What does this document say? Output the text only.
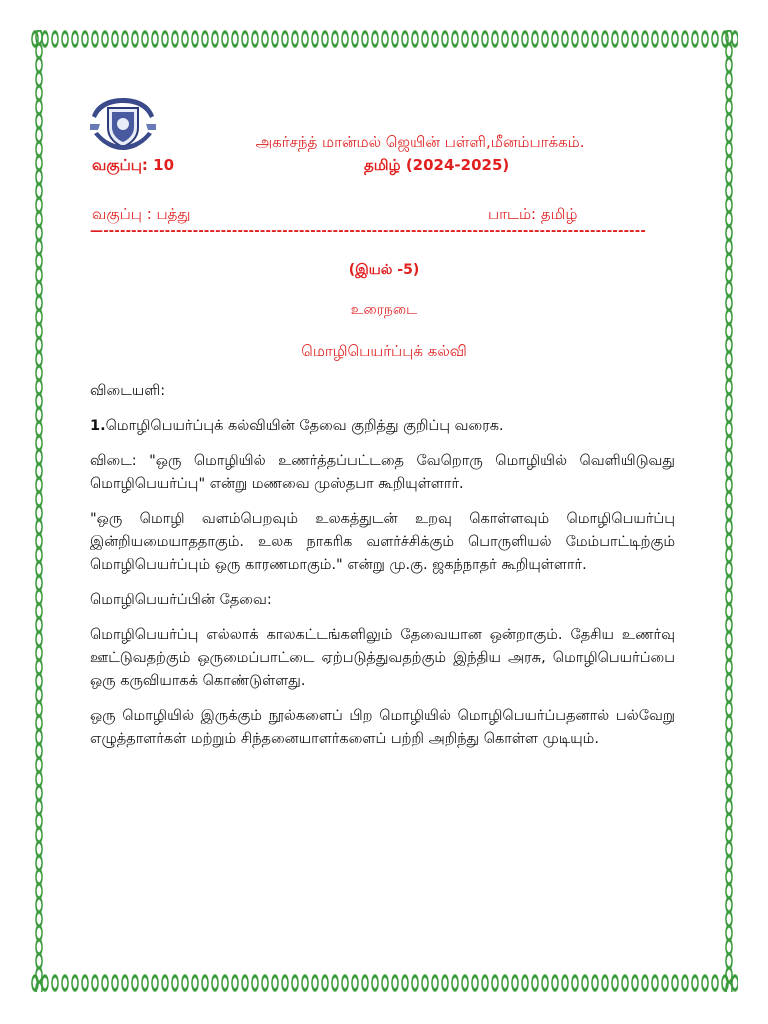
அகர்சந்த் மான்மல் ஜெயின் பள்ளி,மீனம்பாக்கம்.
வகுப்பு: 10	தமிழ் (2024-2025)
வகுப்பு : பத்து	பாடம்: தமிழ்
—-------------------------------------------------------------------------------------------------
(இயல் -5)
உரைநடை
மொழிபெயர்ப்புக் கல்வி

விடையளி:

1.மொழிபெயர்ப்புக் கல்வியின் தேவை குறித்து குறிப்பு வரைக.

விடை: "ஒரு மொழியில் உணர்த்தப்பட்டதை வேறொரு மொழியில் வெளியிடுவது மொழிபெயர்ப்பு" என்று மணவை முஸ்தபா கூறியுள்ளார்.

"ஒரு மொழி வளம்பெறவும் உலகத்துடன் உறவு கொள்ளவும் மொழிபெயர்ப்பு இன்றியமையாததாகும். உலக நாகரிக வளர்ச்சிக்கும் பொருளியல் மேம்பாட்டிற்கும் மொழிபெயர்ப்பும் ஒரு காரணமாகும்." என்று மு.கு. ஜகந்நாதர் கூறியுள்ளார்.

மொழிபெயர்ப்பின் தேவை:

மொழிபெயர்ப்பு எல்லாக் காலகட்டங்களிலும் தேவையான ஒன்றாகும். தேசிய உணர்வு ஊட்டுவதற்கும் ஒருமைப்பாட்டை ஏற்படுத்துவதற்கும் இந்திய அரசு, மொழிபெயர்ப்பை ஒரு கருவியாகக் கொண்டுள்ளது.

ஒரு மொழியில் இருக்கும் நூல்களைப் பிற மொழியில் மொழிபெயர்ப்பதனால் பல்வேறு எழுத்தாளர்கள் மற்றும் சிந்தனையாளர்களைப் பற்றி அறிந்து கொள்ள முடியும்.
